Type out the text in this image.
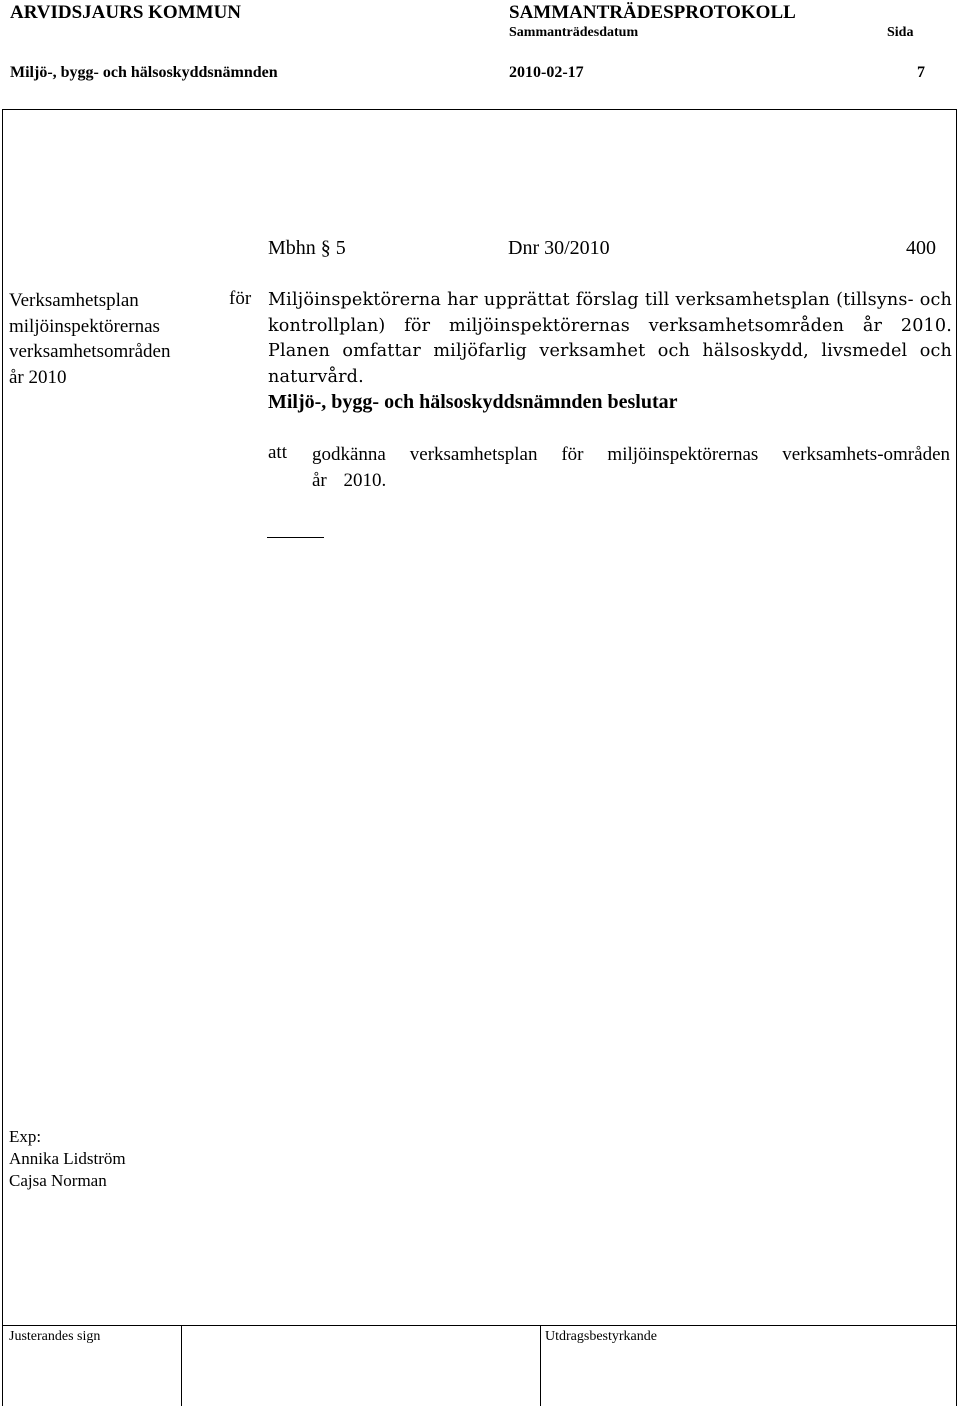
ARVIDSJAURS KOMMUN	SAMMANTRÄDESPROTOKOLL
Sammanträdesdatum	Sida
Miljö-, bygg- och hälsoskyddsnämnden	2010-02-17	7
Mbhn § 5	Dnr 30/2010	400
Verksamhetsplan
miljöinspektörernas
verksamhetsområden
år 2010
för Miljöinspektörerna har upprättat förslag till verksamhetsplan (tillsyns- och kontrollplan) för miljöinspektörernas verksamhetsområden år 2010. Planen omfattar miljöfarlig verksamhet och hälsoskydd, livsmedel och naturvård.
Miljö-, bygg- och hälsoskyddsnämnden beslutar
att godkänna verksamhetsplan för miljöinspektörernas verksamhets-områden år 2010.
Exp:
Annika Lidström
Cajsa Norman
Justerandes sign	Utdragsbestyrkande
